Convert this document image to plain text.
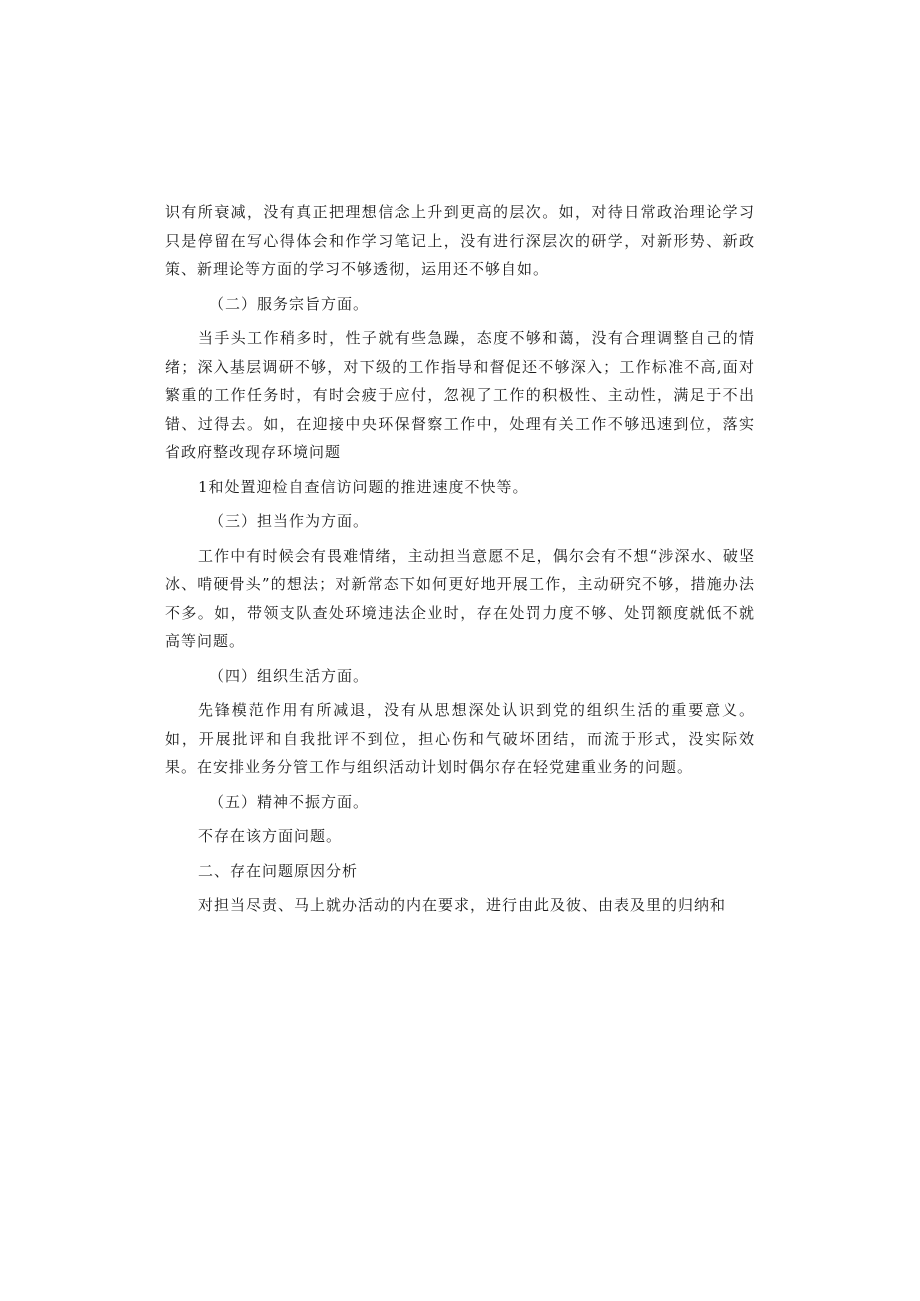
识有所衰减，没有真正把理想信念上升到更高的层次。如，对待日常政治理论学习只是停留在写心得体会和作学习笔记上，没有进行深层次的研学，对新形势、新政策、新理论等方面的学习不够透彻，运用还不够自如。

（二）服务宗旨方面。

当手头工作稍多时，性子就有些急躁，态度不够和蔼，没有合理调整自己的情绪；深入基层调研不够，对下级的工作指导和督促还不够深入；工作标准不高,面对繁重的工作任务时，有时会疲于应付，忽视了工作的积极性、主动性，满足于不出错、过得去。如，在迎接中央环保督察工作中，处理有关工作不够迅速到位，落实省政府整改现存环境问题

1和处置迎检自查信访问题的推进速度不快等。

（三）担当作为方面。

工作中有时候会有畏难情绪，主动担当意愿不足，偶尔会有不想“涉深水、破坚冰、啃硬骨头”的想法；对新常态下如何更好地开展工作，主动研究不够，措施办法不多。如，带领支队查处环境违法企业时，存在处罚力度不够、处罚额度就低不就高等问题。

（四）组织生活方面。

先锋模范作用有所减退，没有从思想深处认识到党的组织生活的重要意义。如，开展批评和自我批评不到位，担心伤和气破坏团结，而流于形式，没实际效果。在安排业务分管工作与组织活动计划时偶尔存在轻党建重业务的问题。

（五）精神不振方面。

不存在该方面问题。

二、存在问题原因分析

对担当尽责、马上就办活动的内在要求，进行由此及彼、由表及里的归纳和
